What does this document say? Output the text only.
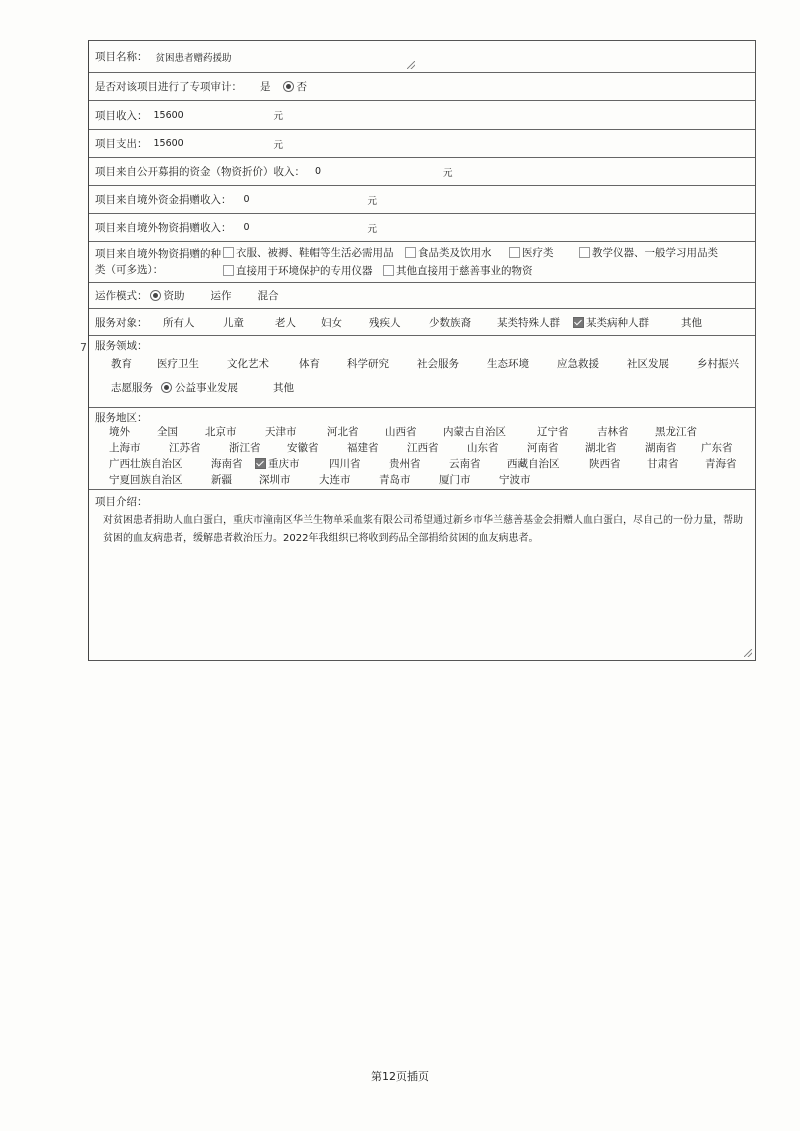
项目名称： 贫困患者赠药援助
是否对该项目进行了专项审计： 是 否
项目收入： 15600	元
项目支出： 15600	元
项目来自公开募捐的资金（物资折价）收入： 0	元
项目来自境外资金捐赠收入： 0	元
项目来自境外物资捐赠收入： 0	元
项目来自境外物资捐赠的种
类（可多选）：
衣服、被褥、鞋帽等生活必需用品 食品类及饮用水	医疗类	教学仪器、一般学习用品类
直接用于环境保护的专用仪器 其他直接用于慈善事业的物资
运作模式： 资助 运作 混合
服务对象： 所有人	儿童	老人 妇女	残疾人	少数族裔 某类特殊人群 某类病种人群	其他
服务领域：
教育 医疗卫生	文化艺术	体育	科学研究	社会服务	生态环境	应急救援	社区发展	乡村振兴
志愿服务 公益事业发展	其他
服务地区：
境外	全国	北京市	天津市	河北省	山西省	内蒙古自治区	辽宁省	吉林省	黑龙江省
上海市	江苏省	浙江省	安徽省	福建省	江西省	山东省	河南省	湖北省	湖南省 广东省
广西壮族自治区	海南省 重庆市	四川省	贵州省	云南省	西藏自治区	陕西省	甘肃省	青海省
宁夏回族自治区	新疆	深圳市	大连市	青岛市	厦门市	宁波市
项目介绍：
对贫困患者捐助人血白蛋白，重庆市潼南区华兰生物单采血浆有限公司希望通过新乡市华兰慈善基金会捐赠人血白蛋白，尽自己的一份力量，帮助贫困的血友病患者，缓解患者救治压力。2022年我组织已将收到药品全部捐给贫困的血友病患者。
7
第12页插页
